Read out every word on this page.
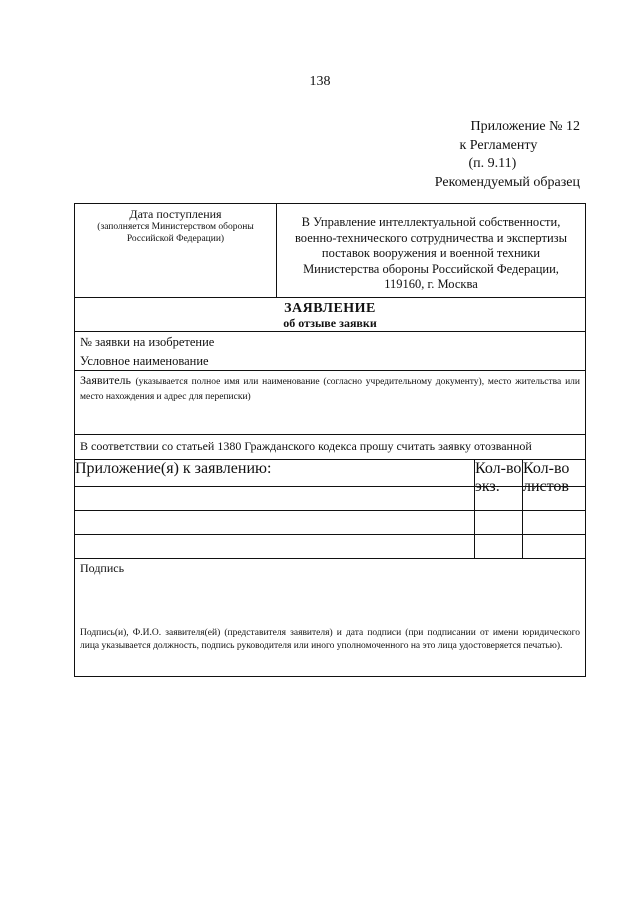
138
Приложение № 12
к Регламенту
(п. 9.11)
Рекомендуемый образец
Дата поступления
(заполняется Министерством обороны
Российской Федерации)
В Управление интеллектуальной собственности,
военно-технического сотрудничества и экспертизы
поставок вооружения и военной техники
Министерства обороны Российской Федерации,
119160, г. Москва
ЗАЯВЛЕНИЕ
об отзыве заявки
№ заявки на изобретение
Условное наименование
Заявитель (указывается полное имя или наименование (согласно учредительному документу), место жительства или место нахождения и адрес для переписки)
В соответствии со статьей 1380 Гражданского кодекса прошу считать заявку отозванной
Приложение(я) к заявлению:	Кол-во
экз.
Кол-во
листов
Подпись
Подпись(и), Ф.И.О. заявителя(ей) (представителя заявителя) и дата подписи (при подписании от имени юридического лица указывается должность, подпись руководителя или иного уполномоченного на это лица удостоверяется печатью).
